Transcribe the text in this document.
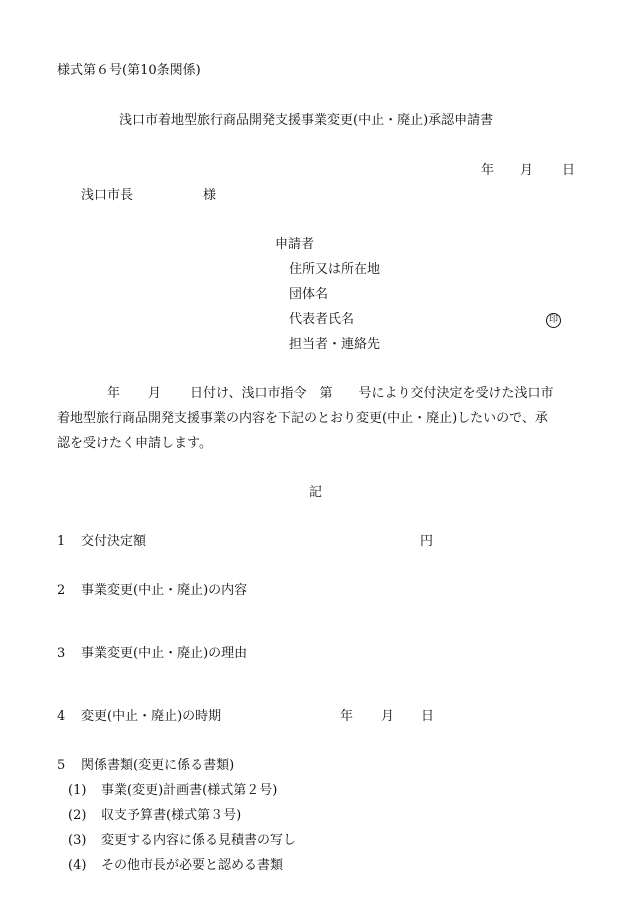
様式第６号(第10条関係)
浅口市着地型旅行商品開発支援事業変更(中止・廃止)承認申請書
年 月 日
浅口市長	様
申請者
住所又は所在地
団体名
代表者氏名	印
担当者・連絡先
年 月 日付け、浅口市指令　第　　号により交付決定を受けた浅口市
着地型旅行商品開発支援事業の内容を下記のとおり変更(中止・廃止)したいので、承
認を受けたく申請します。
記
1 交付決定額	円
2 事業変更(中止・廃止)の内容
3 事業変更(中止・廃止)の理由
4 変更(中止・廃止)の時期	年 月 日
5 関係書類(変更に係る書類)
(1) 事業(変更)計画書(様式第２号)
(2) 収支予算書(様式第３号)
(3) 変更する内容に係る見積書の写し
(4) その他市長が必要と認める書類
